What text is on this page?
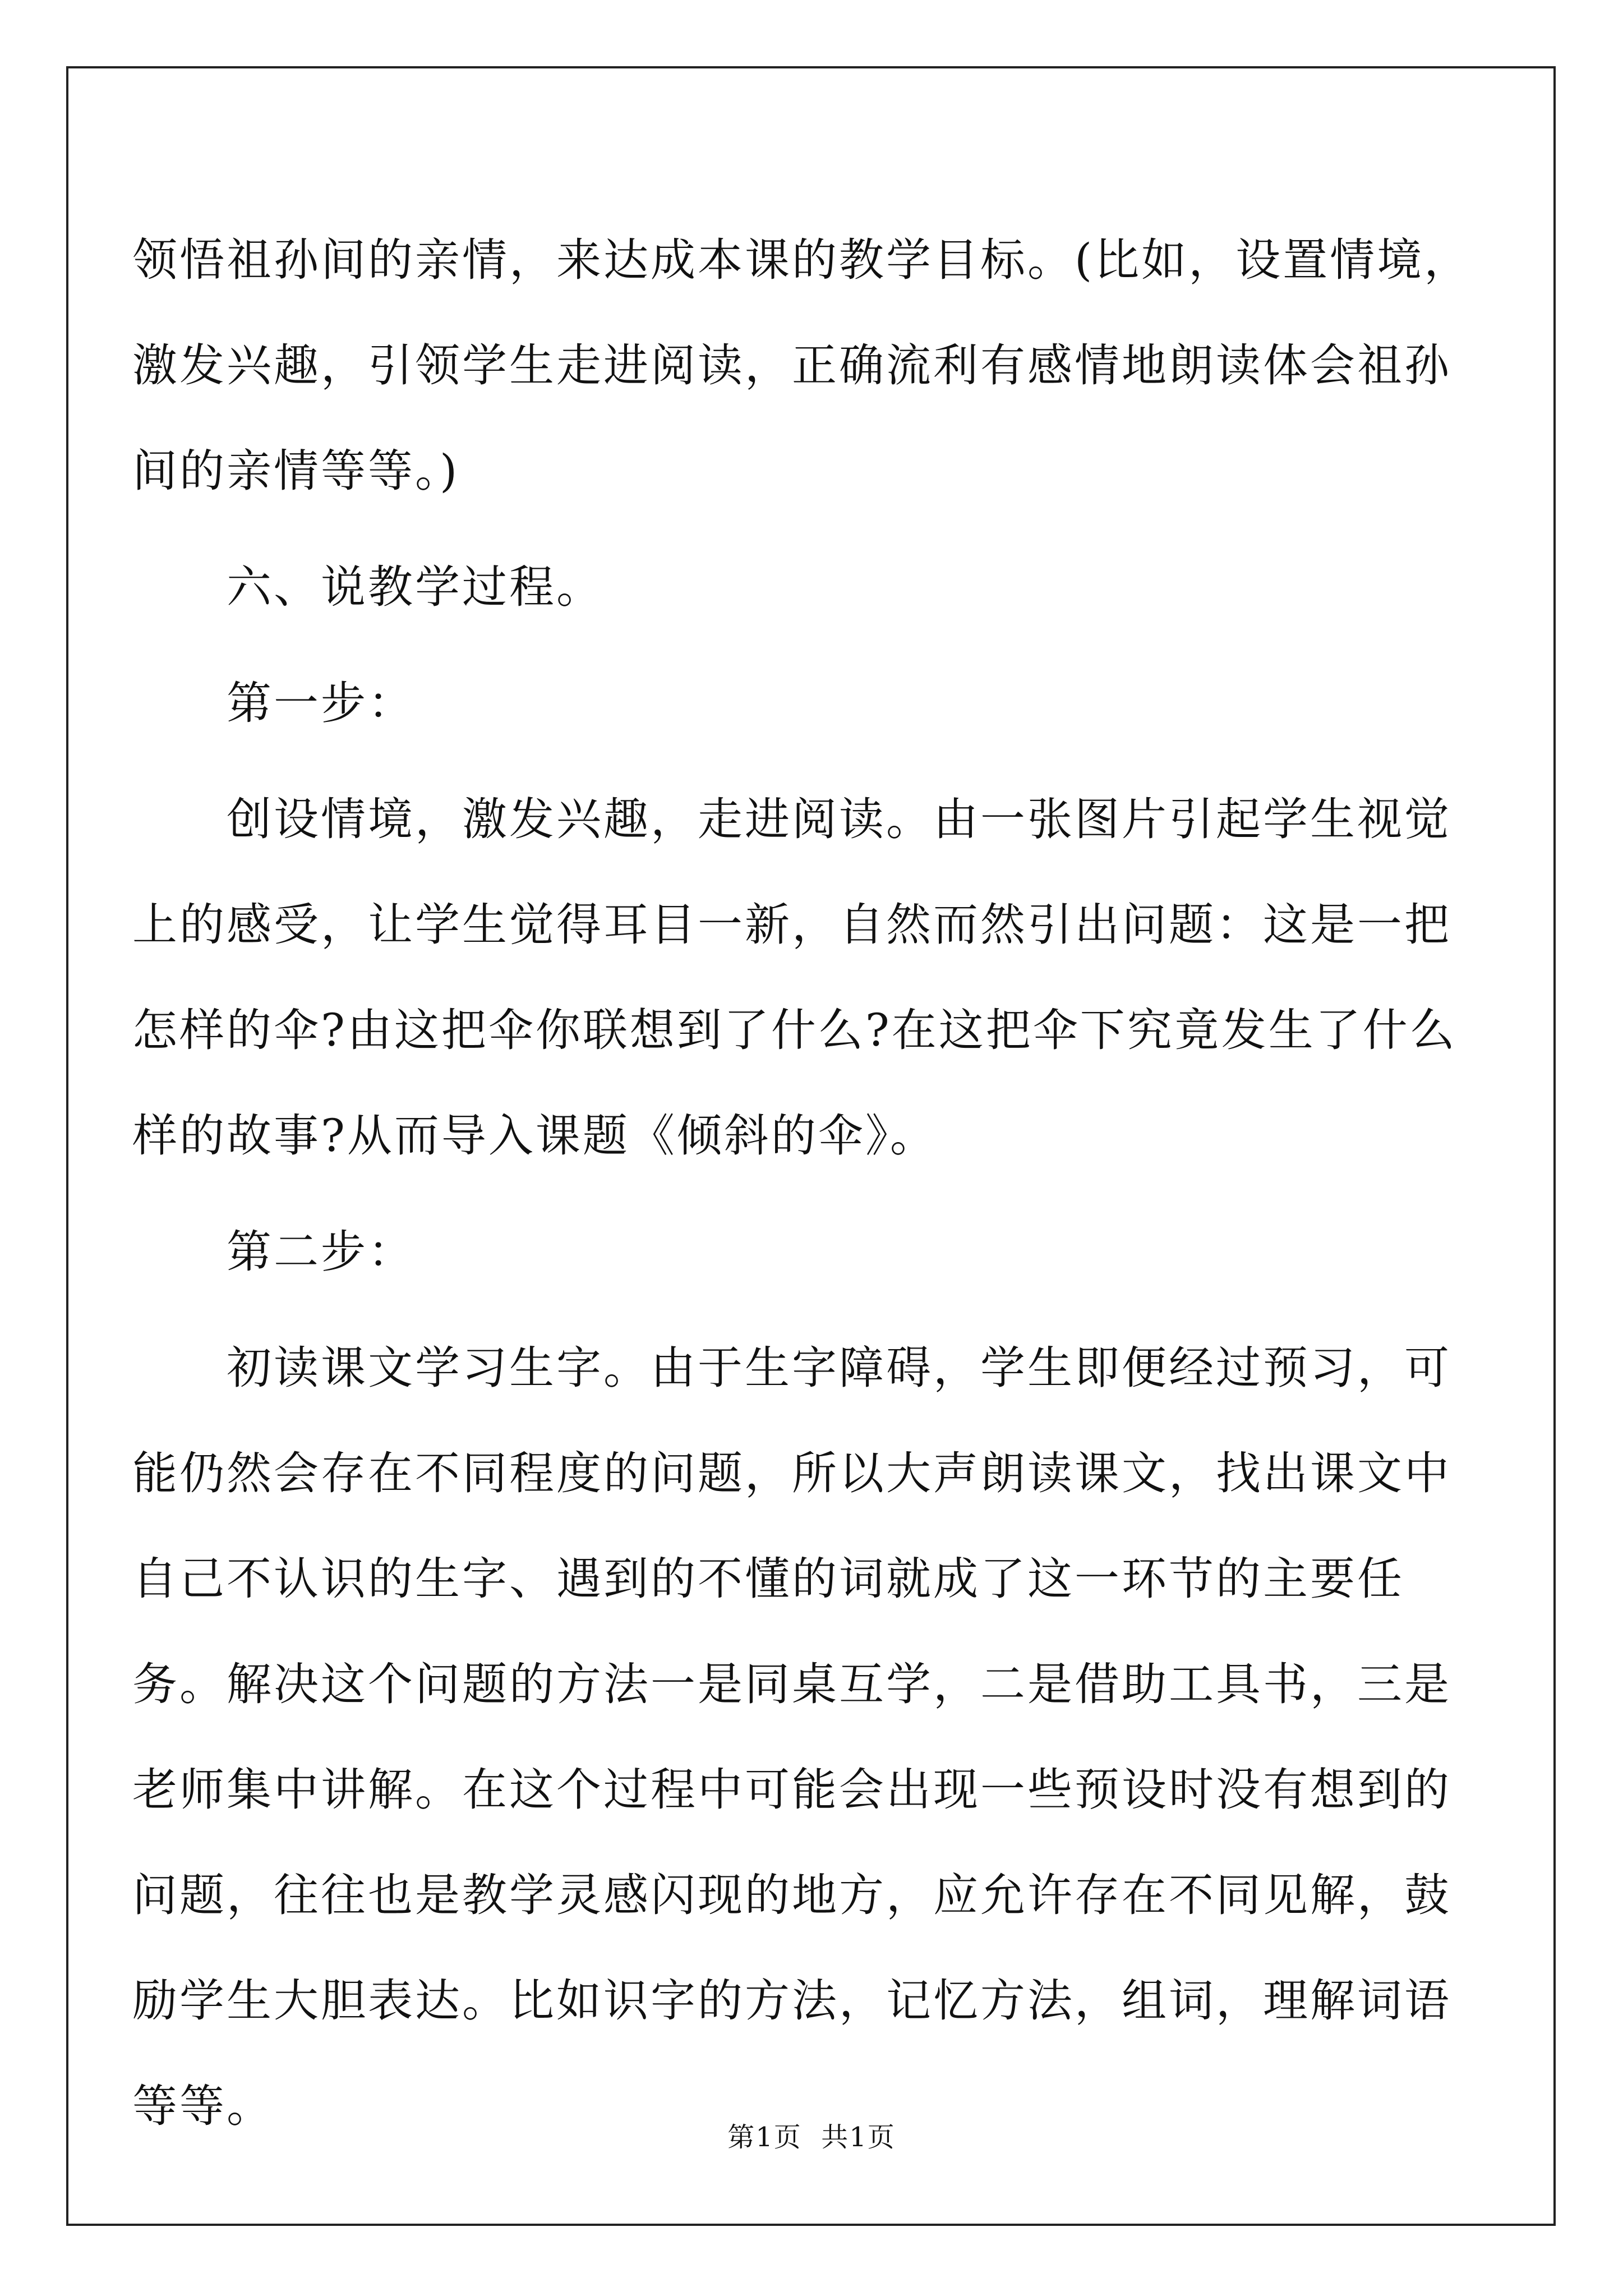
领悟祖孙间的亲情，来达成本课的教学目标。(比如，设置情境，激发兴趣，引领学生走进阅读，正确流利有感情地朗读体会祖孙间的亲情等等。)

　　六、说教学过程。

　　第一步：

　　创设情境，激发兴趣，走进阅读。由一张图片引起学生视觉上的感受，让学生觉得耳目一新，自然而然引出问题：这是一把怎样的伞?由这把伞你联想到了什么?在这把伞下究竟发生了什么样的故事?从而导入课题《倾斜的伞》。

　　第二步：

　　初读课文学习生字。由于生字障碍，学生即便经过预习，可能仍然会存在不同程度的问题，所以大声朗读课文，找出课文中自己不认识的生字、遇到的不懂的词就成了这一环节的主要任务。解决这个问题的方法一是同桌互学，二是借助工具书，三是老师集中讲解。在这个过程中可能会出现一些预设时没有想到的问题，往往也是教学灵感闪现的地方，应允许存在不同见解，鼓励学生大胆表达。比如识字的方法，记忆方法，组词，理解词语等等。

第1页  共1页
